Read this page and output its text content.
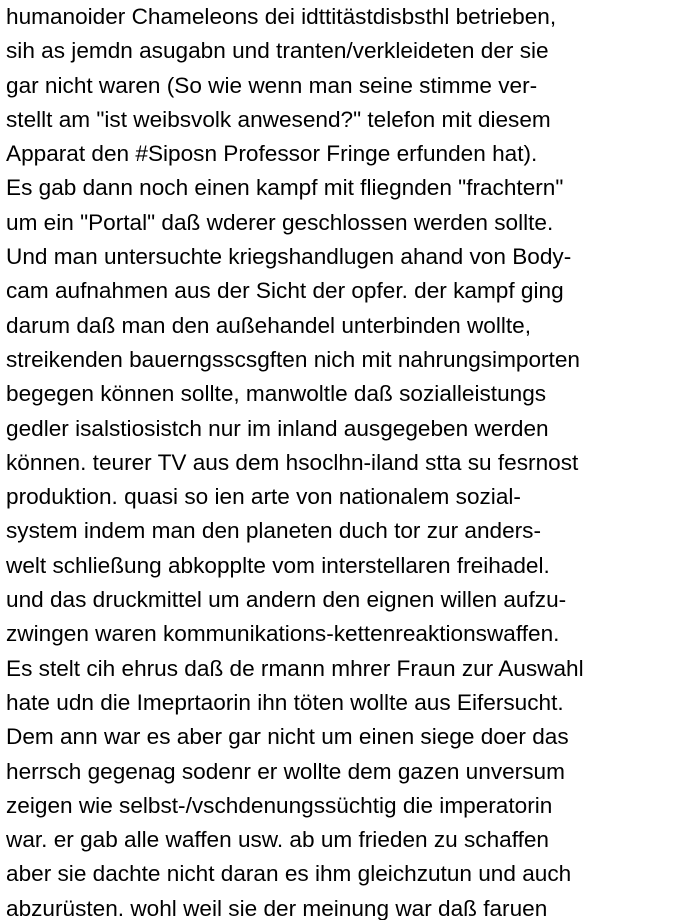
humanoider Chameleons dei idttitästdisbsthl betrieben,
sih as jemdn asugabn und tranten/verkleideten der sie
gar nicht waren (So wie wenn man seine stimme ver-
stellt am "ist weibsvolk anwesend?" telefon mit diesem
Apparat den #Siposn Professor Fringe erfunden hat).
Es gab dann noch einen kampf mit fliegnden "frachtern"
um ein "Portal" daß wderer geschlossen werden sollte.
Und man untersuchte kriegshandlugen ahand von Body-
cam aufnahmen aus der Sicht der opfer. der kampf ging
darum daß man den außehandel unterbinden wollte,
streikenden bauerngsscsgften nich mit nahrungsimporten
begegen können sollte, manwoltle daß sozialleistungs
gedler isalstiosistch nur im inland ausgegeben werden
können. teurer TV aus dem hsoclhn-iland stta su fesrnost
produktion. quasi so ien arte von nationalem sozial-
system indem man den planeten duch tor zur anders-
welt schließung abkopplte vom interstellaren freihadel.
und das druckmittel um andern den eignen willen aufzu-
zwingen waren kommunikations-kettenreaktionswaffen.
Es stelt cih ehrus daß de rmann mhrer Fraun zur Auswahl
hate udn die Imeprtaorin ihn töten wollte aus Eifersucht.
Dem ann war es aber gar nicht um einen siege doer das
herrsch gegenag sodenr er wollte dem gazen unversum
zeigen wie selbst-/vschdenungssüchtig die imperatorin
war. er gab alle waffen usw. ab um frieden zu schaffen
aber sie dachte nicht daran es ihm gleichzutun und auch
abzurüsten. wohl weil sie der meinung war daß faruen
